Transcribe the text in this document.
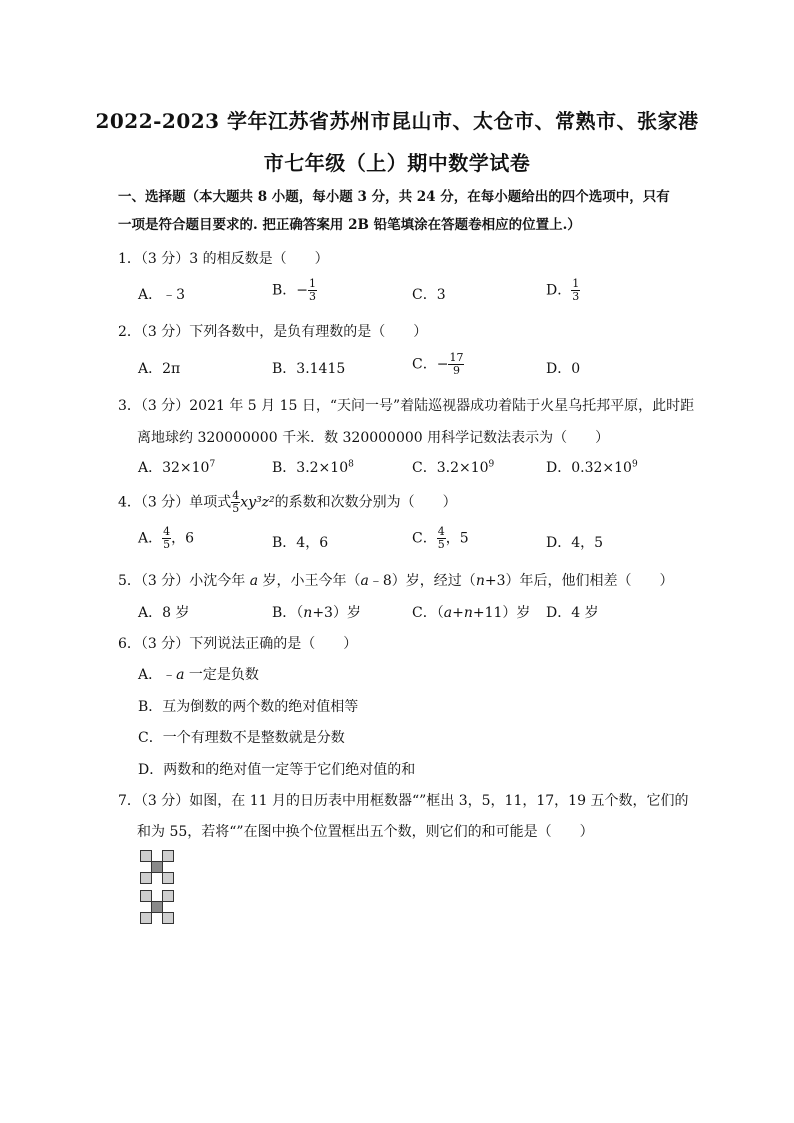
2022-2023 学年江苏省苏州市昆山市、太仓市、常熟市、张家港
市七年级（上）期中数学试卷
一、选择题（本大题共 8 小题，每小题 3 分，共 24 分，在每小题给出的四个选项中，只有
一项是符合题目要求的. 把正确答案用 2B 铅笔填涂在答题卷相应的位置上.）
1．（3 分）3 的相反数是（　　）
A．﹣3	B．− $\frac{1}{3}$	C．3	D． $\frac{1}{3}$
2．（3 分）下列各数中，是负有理数的是（　　）
A．2π	B．3.1415	C．− $\frac{17}{9}$	D．0
3．（3 分）2021 年 5 月 15 日，“天问一号”着陆巡视器成功着陆于火星乌托邦平原，此时距
离地球约 320000000 千米．数 320000000 用科学记数法表示为（　　）
A．$32\times 10^7$	B．$3.2\times 10^8$	C．$3.2\times 10^9$	D．$0.32\times 10^9$
4．（3 分）单项式 $\frac{4}{5} xy^3z^2$的系数和次数分别为（　　）
A． $\frac{4}{5}$ ，6	B．4，6	C． $\frac{4}{5}$ ，5	D．4，5
5．（3 分）小沈今年 a 岁，小王今年（a﹣8）岁，经过（n+3）年后，他们相差（　　）
A．8 岁	B．（n+3）岁	C．（a+n+11）岁 D．4 岁
6．（3 分）下列说法正确的是（　　）
A．﹣a 一定是负数
B．互为倒数的两个数的绝对值相等
C．一个有理数不是整数就是分数
D．两数和的绝对值一定等于它们绝对值的和
7．（3 分）如图，在 11 月的日历表中用框数器“”框出 3，5，11，17，19 五个数，它们的
和为 55，若将“”在图中换个位置框出五个数，则它们的和可能是（　　）
